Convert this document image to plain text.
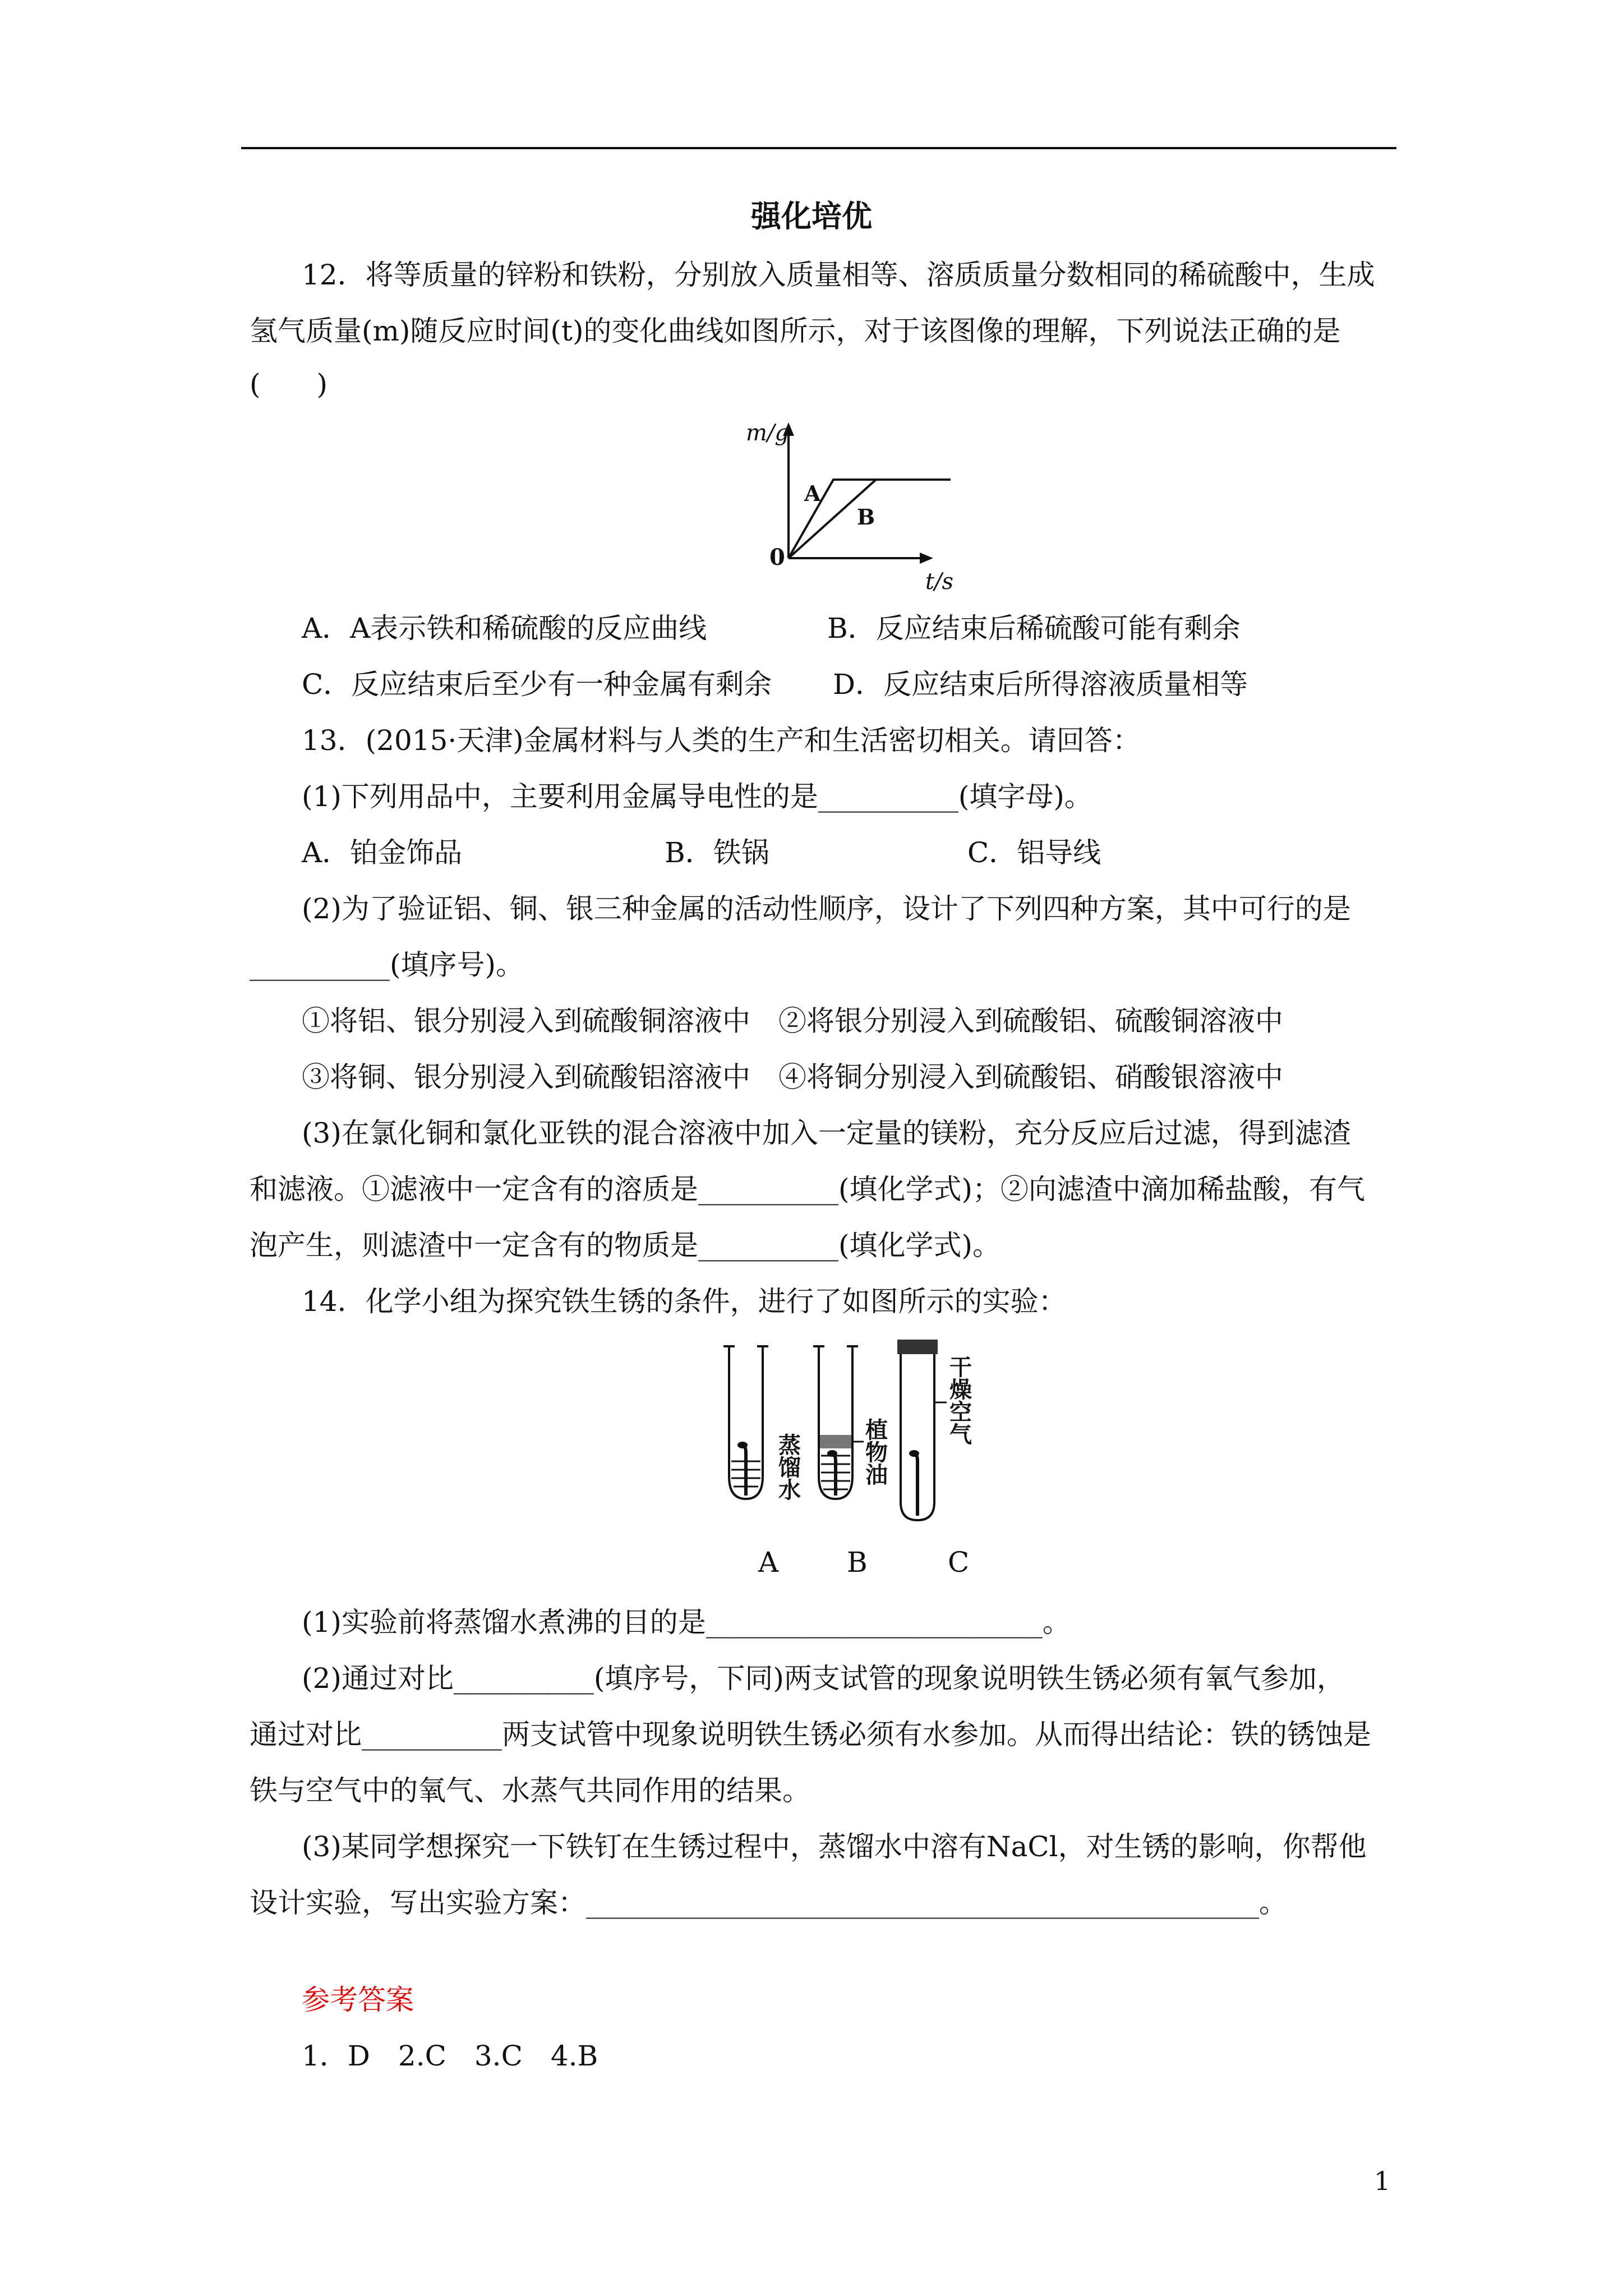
强化培优
12．将等质量的锌粉和铁粉，分别放入质量相等、溶质质量分数相同的稀硫酸中，生成
氢气质量(m)随反应时间(t)的变化曲线如图所示，对于该图像的理解，下列说法正确的是
(　　)
m/g
t/s
0
A
B
A．A表示铁和稀硫酸的反应曲线	B．反应结束后稀硫酸可能有剩余
C．反应结束后至少有一种金属有剩余 D．反应结束后所得溶液质量相等
13．(2015·天津)金属材料与人类的生产和生活密切相关。请回答：
(1)下列用品中，主要利用金属导电性的是__________(填字母)。
A．铂金饰品	B．铁锅	C．铝导线
(2)为了验证铝、铜、银三种金属的活动性顺序，设计了下列四种方案，其中可行的是
__________(填序号)。
①将铝、银分别浸入到硫酸铜溶液中　②将银分别浸入到硫酸铝、硫酸铜溶液中
③将铜、银分别浸入到硫酸铝溶液中　④将铜分别浸入到硫酸铝、硝酸银溶液中
(3)在氯化铜和氯化亚铁的混合溶液中加入一定量的镁粉，充分反应后过滤，得到滤渣
和滤液。①滤液中一定含有的溶质是__________(填化学式)；②向滤渣中滴加稀盐酸，有气
泡产生，则滤渣中一定含有的物质是__________(填化学式)。
14．化学小组为探究铁生锈的条件，进行了如图所示的实验：
蒸馏水	植物油
干燥空气
A B	C
(1)实验前将蒸馏水煮沸的目的是________________________。
(2)通过对比__________(填序号，下同)两支试管的现象说明铁生锈必须有氧气参加，
通过对比__________两支试管中现象说明铁生锈必须有水参加。从而得出结论：铁的锈蚀是
铁与空气中的氧气、水蒸气共同作用的结果。
(3)某同学想探究一下铁钉在生锈过程中，蒸馏水中溶有NaCl，对生锈的影响，你帮他
设计实验，写出实验方案：________________________________________________。
参考答案
1．D　2.C　3.C　4.B
1
